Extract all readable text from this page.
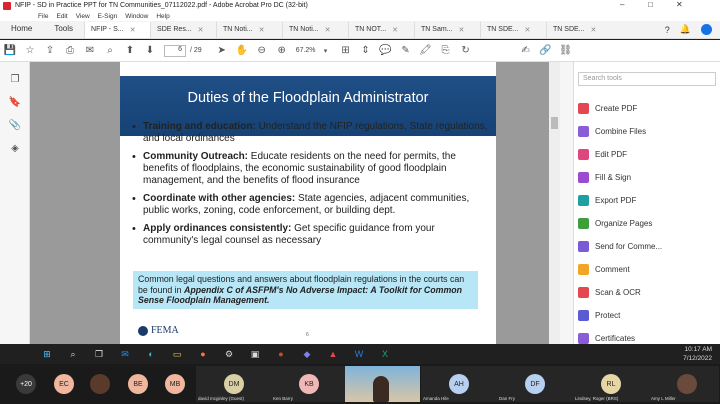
NFIP - SD in Practice PPT for TN Communities_07112022.pdf - Adobe Acrobat Pro DC (32-bit)	–	□	✕
File Edit View E-Sign Window Help
Home	Tools	NFIP - S... ✕	SDE Res... ✕	TN Noti... ✕	TN Noti... ✕	TN NOT... ✕	TN Sam... ✕	TN SDE... ✕	TN SDE... ✕	? 🔔
💾 ☆	⇪	⎙	✉	⌕	⬆	⬇	6	/ 29	➤ ✋ ⊖	⊕	67.2%	▾	⊞	⇕ 💬 ✎ 🖍 ⎘	↻	✍ 🔗 ⛓
❐
🔖
📎
◈
Duties of the Floodplain Administrator
• Training and education: Understand the NFIP regulations, State regulations, and local ordinances
• Community Outreach: Educate residents on the need for permits, the benefits of floodplains, the economic sustainability of good floodplain management, and the benefits of flood insurance
• Coordinate with other agencies: State agencies, adjacent communities, public works, zoning, code enforcement, or building dept.
• Apply ordinances consistently: Get specific guidance from your community's legal counsel as necessary
Common legal questions and answers about floodplain regulations in the courts can be found in Appendix C of ASFPM's No Adverse Impact: A Toolkit for Common Sense Floodplain Management.
FEMA	6
Search tools
Create PDF
Combine Files
Edit PDF
Fill & Sign
Export PDF
Organize Pages
Send for Comme...
Comment
Scan & OCR
Protect
Certificates
⊞	⌕	❐	✉	◐	▭	●	⚙	▣	●	◆	▲	W	X	10:17 AM
7/12/2022
+20	EC	BE	MB	DM
david mcginley (Guest)
KB
Ken Barry
AH
Amanda Hile
DF
Dan Fry
RL
Lindsey, Roger (BRS)	Amy L Miller
